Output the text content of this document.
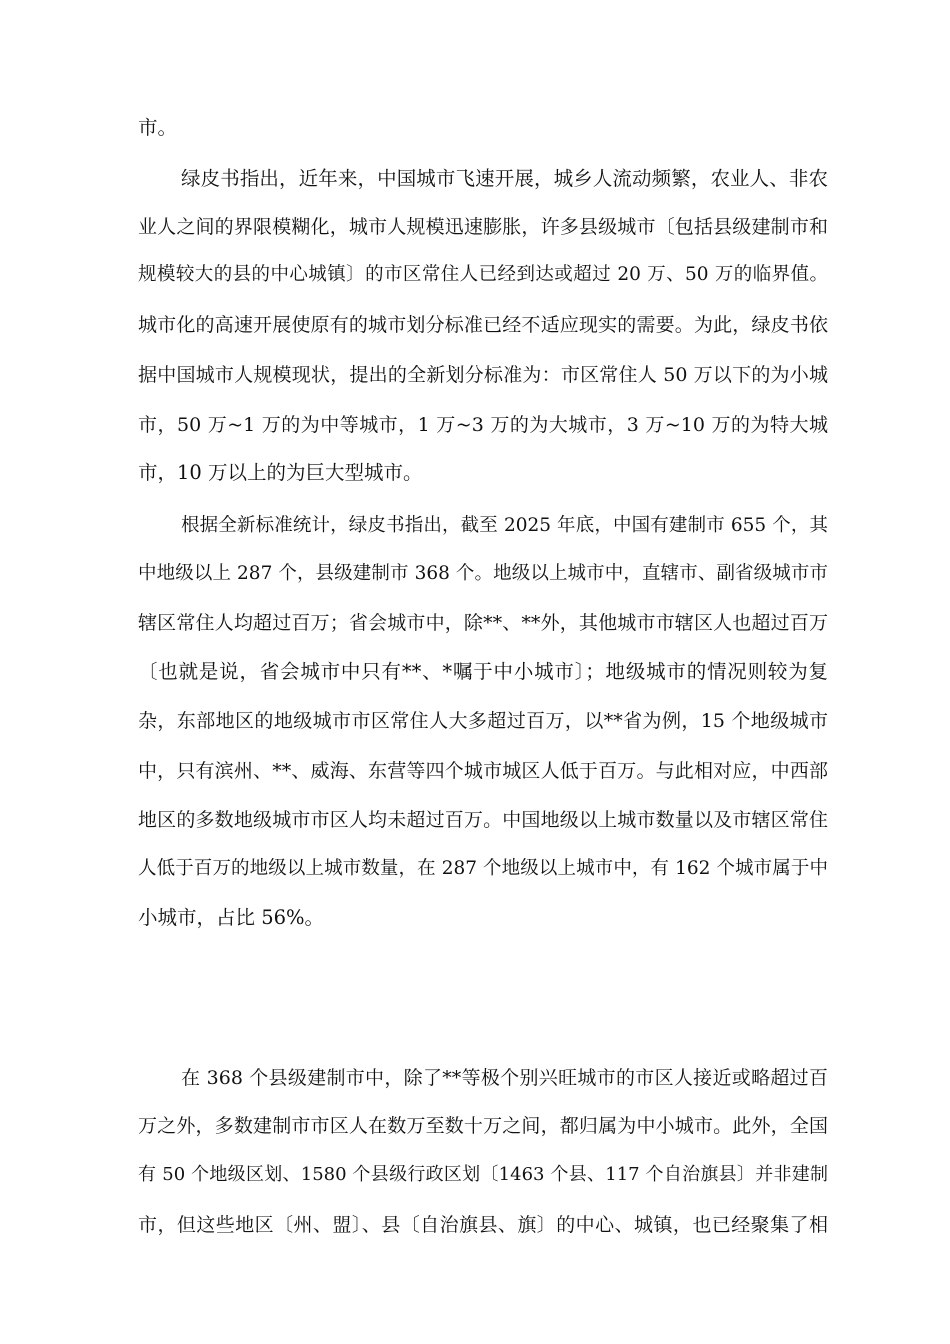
市。
绿皮书指出，近年来，中国城市飞速开展，城乡人流动频繁，农业人、非农
业人之间的界限模糊化，城市人规模迅速膨胀，许多县级城市〔包括县级建制市和
规模较大的县的中心城镇〕的市区常住人已经到达或超过 20 万、50 万的临界值。
城市化的高速开展使原有的城市划分标准已经不适应现实的需要。为此，绿皮书依
据中国城市人规模现状，提出的全新划分标准为：市区常住人 50 万以下的为小城
市，50 万~1 万的为中等城市，1 万~3 万的为大城市，3 万~10 万的为特大城
市，10 万以上的为巨大型城市。
根据全新标准统计，绿皮书指出，截至 2025 年底，中国有建制市 655 个，其
中地级以上 287 个，县级建制市 368 个。地级以上城市中，直辖市、副省级城市市
辖区常住人均超过百万；省会城市中，除**、**外，其他城市市辖区人也超过百万
〔也就是说，省会城市中只有**、*嘱于中小城市〕；地级城市的情况则较为复
杂，东部地区的地级城市市区常住人大多超过百万，以**省为例，15 个地级城市
中，只有滨州、**、威海、东营等四个城市城区人低于百万。与此相对应，中西部
地区的多数地级城市市区人均未超过百万。中国地级以上城市数量以及市辖区常住
人低于百万的地级以上城市数量，在 287 个地级以上城市中，有 162 个城市属于中
小城市，占比 56%。
在 368 个县级建制市中，除了**等极个别兴旺城市的市区人接近或略超过百
万之外，多数建制市市区人在数万至数十万之间，都归属为中小城市。此外，全国
有 50 个地级区划、1580 个县级行政区划〔1463 个县、117 个自治旗县〕并非建制
市，但这些地区〔州、盟〕、县〔自治旗县、旗〕的中心、城镇，也已经聚集了相
